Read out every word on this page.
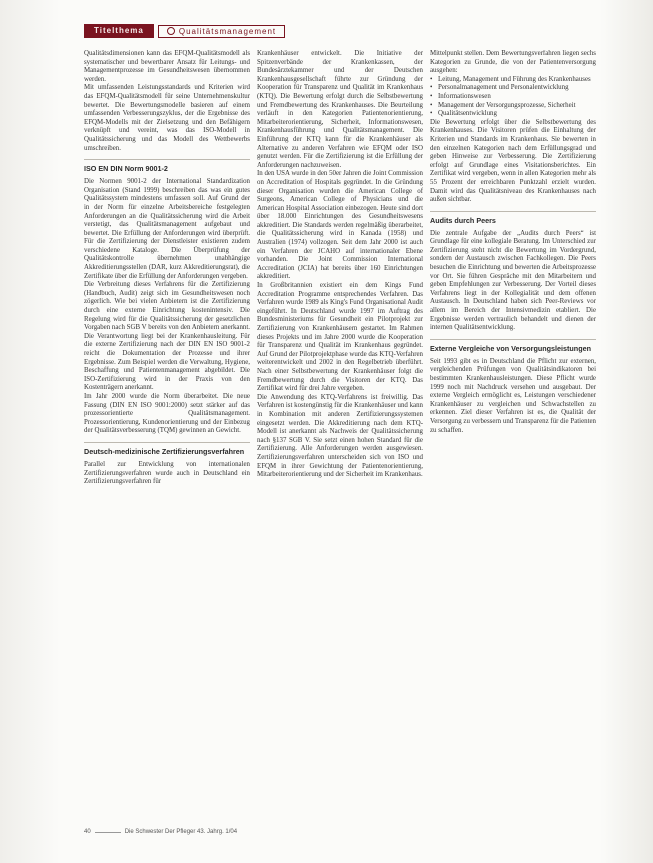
Titelthema	Qualitätsmanagement

Qualitätsdimensionen kann das EFQM-Qualitätsmodell als systematischer und bewertbarer Ansatz für Leitungs- und Managementprozesse im Gesundheitswesen übernommen werden.

Mit umfassenden Leistungsstandards und Kriterien wird das EFQM-Qualitätsmodell für seine Unternehmenskultur bewertet. Die Bewertungsmodelle basieren auf einem umfassenden Verbesserungszyklus, der die Ergebnisse des EFQM-Modells mit der Zielsetzung und den Befähigern verknüpft und vereint, was das ISO-Modell in Qualitätssicherung und das Modell des Wettbewerbs umschreiben.

ISO EN DIN Norm 9001-2

Die Normen 9001-2 der International Standardization Organisation (Stand 1999) beschreiben das was ein gutes Qualitätssystem mindestens umfassen soll. Auf Grund der in der Norm für einzelne Arbeitsbereiche festgelegten Anforderungen an die Qualitätssicherung wird die Arbeit verstetigt, das Qualitätsmanagement aufgebaut und bewertet. Die Erfüllung der Anforderungen wird überprüft. Für die Zertifizierung der Dienstleister existieren zudem verschiedene Kataloge. Die Überprüfung der Qualitätskontrolle übernehmen unabhängige Akkreditierungsstellen (DAR, kurz Akkreditierungsrat), die Zertifikate über die Erfüllung der Anforderungen vergeben.

Die Verbreitung dieses Verfahrens für die Zertifizierung (Handbuch, Audit) zeigt sich im Gesundheitswesen noch zögerlich. Wie bei vielen Anbietern ist die Zertifizierung durch eine externe Einrichtung kostenintensiv. Die Regelung wird für die Qualitätssicherung der gesetzlichen Vorgaben nach SGB V bereits von den Anbietern anerkannt. Die Verantwortung liegt bei der Krankenhausleitung. Für die externe Zertifizierung nach der DIN EN ISO 9001-2 reicht die Dokumentation der Prozesse und ihrer Ergebnisse. Zum Beispiel werden die Verwaltung, Hygiene, Beschaffung und Patientenmanagement abgebildet. Die ISO-Zertifizierung wird in der Praxis von den Kostenträgern anerkannt.

Im Jahr 2000 wurde die Norm überarbeitet. Die neue Fassung (DIN EN ISO 9001:2000) setzt stärker auf das prozessorientierte Qualitätsmanagement. Prozessorientierung, Kundenorientierung und der Einbezug der Qualitätsverbesserung (TQM) gewinnen an Gewicht.

Deutsch-medizinische Zertifizierungsverfahren

Parallel zur Entwicklung von internationalen Zertifizierungsverfahren wurde auch in Deutschland ein Zertifizierungsverfahren für

Krankenhäuser entwickelt. Die Initiative der Spitzenverbände der Krankenkassen, der Bundesärztekammer und der Deutschen Krankenhausgesellschaft führte zur Gründung der Kooperation für Transparenz und Qualität im Krankenhaus (KTQ). Die Bewertung erfolgt durch die Selbstbewertung und Fremdbewertung des Krankenhauses. Die Beurteilung verläuft in den Kategorien Patientenorientierung, Mitarbeiterorientierung, Sicherheit, Informationswesen, Krankenhausführung und Qualitätsmanagement. Die Einführung der KTQ kann für die Krankenhäuser als Alternative zu anderen Verfahren wie EFQM oder ISO genutzt werden. Für die Zertifizierung ist die Erfüllung der Anforderungen nachzuweisen.

In den USA wurde in den 50er Jahren die Joint Commission on Accreditation of Hospitals gegründet. In die Gründung dieser Organisation wurden die American College of Surgeons, American College of Physicians und die American Hospital Association einbezogen. Heute sind dort über 18.000 Einrichtungen des Gesundheitswesens akkreditiert. Die Standards werden regelmäßig überarbeitet, die Qualitätssicherung wird in Kanada (1958) und Australien (1974) vollzogen. Seit dem Jahr 2000 ist auch ein Verfahren der JCAHO auf internationaler Ebene vorhanden. Die Joint Commission International Accreditation (JCIA) hat bereits über 160 Einrichtungen akkreditiert.

In Großbritannien existiert ein dem Kings Fund Accreditation Programme entsprechendes Verfahren. Das Verfahren wurde 1989 als King's Fund Organisational Audit eingeführt. In Deutschland wurde 1997 im Auftrag des Bundesministeriums für Gesundheit ein Pilotprojekt zur Zertifizierung von Krankenhäusern gestartet. Im Rahmen dieses Projekts und im Jahre 2000 wurde die Kooperation für Transparenz und Qualität im Krankenhaus gegründet. Auf Grund der Pilotprojektphase wurde das KTQ-Verfahren weiterentwickelt und 2002 in den Regelbetrieb überführt. Nach einer Selbstbewertung der Krankenhäuser folgt die Fremdbewertung durch die Visitoren der KTQ. Das Zertifikat wird für drei Jahre vergeben.

Die Anwendung des KTQ-Verfahrens ist freiwillig. Das Verfahren ist kostengünstig für die Krankenhäuser und kann in Kombination mit anderen Zertifizierungssystemen eingesetzt werden. Die Akkreditierung nach dem KTQ-Modell ist anerkannt als Nachweis der Qualitätssicherung nach §137 SGB V. Sie setzt einen hohen Standard für die Zertifizierung. Alle Anforderungen werden ausgewiesen. Zertifizierungsverfahren unterscheiden sich von ISO und EFQM in ihrer Gewichtung der Patientenorientierung, Mitarbeiterorientierung und der Sicherheit im Krankenhaus.

Mittelpunkt stellen. Dem Bewertungsverfahren liegen sechs Kategorien zu Grunde, die von der Patientenversorgung ausgehen:

• Leitung, Management und Führung des Krankenhauses
• Personalmanagement und Personalentwicklung
• Informationswesen
• Management der Versorgungsprozesse, Sicherheit
• Qualitätsentwicklung

Die Bewertung erfolgt über die Selbstbewertung des Krankenhauses. Die Visitoren prüfen die Einhaltung der Kriterien und Standards im Krankenhaus. Sie bewerten in den einzelnen Kategorien nach dem Erfüllungsgrad und geben Hinweise zur Verbesserung. Die Zertifizierung erfolgt auf Grundlage eines Visitationsberichtes. Ein Zertifikat wird vergeben, wenn in allen Kategorien mehr als 55 Prozent der erreichbaren Punktzahl erzielt wurden. Damit wird das Qualitätsniveau des Krankenhauses nach außen sichtbar.

Audits durch Peers

Die zentrale Aufgabe der „Audits durch Peers“ ist Grundlage für eine kollegiale Beratung. Im Unterschied zur Zertifizierung steht nicht die Bewertung im Vordergrund, sondern der Austausch zwischen Fachkollegen. Die Peers besuchen die Einrichtung und bewerten die Arbeitsprozesse vor Ort. Sie führen Gespräche mit den Mitarbeitern und geben Empfehlungen zur Verbesserung. Der Vorteil dieses Verfahrens liegt in der Kollegialität und dem offenen Austausch. In Deutschland haben sich Peer-Reviews vor allem im Bereich der Intensivmedizin etabliert. Die Ergebnisse werden vertraulich behandelt und dienen der internen Qualitätsentwicklung.

Externe Vergleiche von Versorgungsleistungen

Seit 1993 gibt es in Deutschland die Pflicht zur externen, vergleichenden Prüfungen von Qualitätsindikatoren bei bestimmten Krankenhausleistungen. Diese Pflicht wurde 1999 noch mit Nachdruck versehen und ausgebaut. Der externe Vergleich ermöglicht es, Leistungen verschiedener Krankenhäuser zu vergleichen und Schwachstellen zu erkennen. Ziel dieser Verfahren ist es, die Qualität der Versorgung zu verbessern und Transparenz für die Patienten zu schaffen.

40	Die Schwester Der Pfleger 43. Jahrg. 1/04
